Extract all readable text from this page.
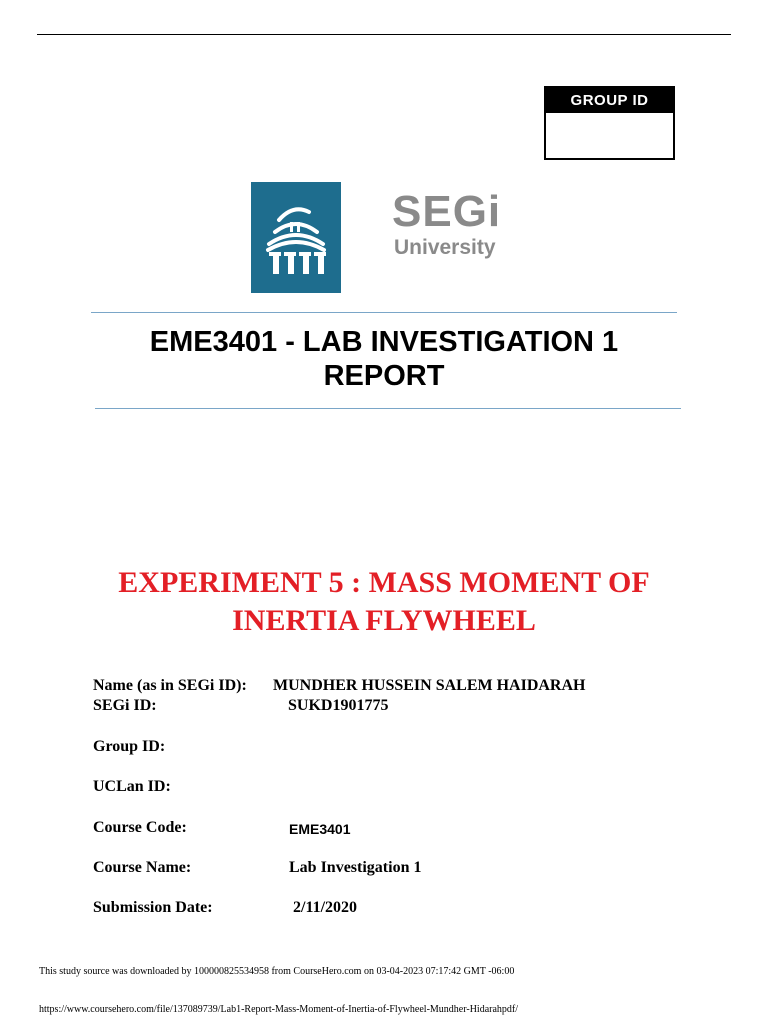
GROUP ID
SEGi
University
EME3401 - LAB INVESTIGATION 1
REPORT
EXPERIMENT 5 : MASS MOMENT OF
INERTIA FLYWHEEL
Name (as in SEGi ID): MUNDHER HUSSEIN SALEM HAIDARAH
SEGi ID:	SUKD1901775
Group ID:
UCLan ID:
Course Code:	EME3401
Course Name:	Lab Investigation 1
Submission Date:	2/11/2020
This study source was downloaded by 100000825534958 from CourseHero.com on 03-04-2023 07:17:42 GMT -06:00
https://www.coursehero.com/file/137089739/Lab1-Report-Mass-Moment-of-Inertia-of-Flywheel-Mundher-Hidarahpdf/
